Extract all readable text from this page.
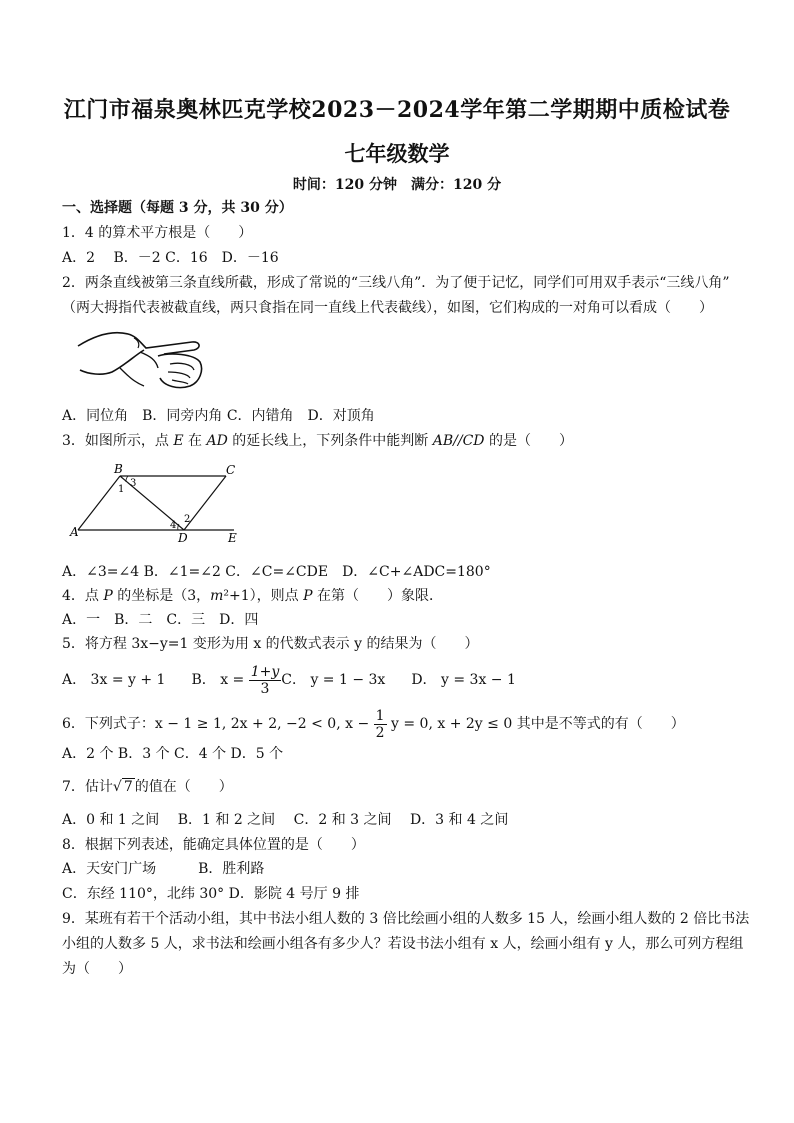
江门市福泉奥林匹克学校2023－2024学年第二学期期中质检试卷
七年级数学
时间：120 分钟　满分：120 分
一、选择题（每题 3 分，共 30 分）
1．4 的算术平方根是（　　）
A．2　 B．－2 C．16　D．－16
2．两条直线被第三条直线所截，形成了常说的“三线八角”．为了便于记忆，同学们可用双手表示“三线八角”
（两大拇指代表被截直线，两只食指在同一直线上代表截线），如图，它们构成的一对角可以看成（　　）
A．同位角　B．同旁内角 C．内错角　D．对顶角
3．如图所示，点 E 在 AD 的延长线上，下列条件中能判断 AB//CD 的是（　　）
B	C
A	D	E
1
3
2
4
A．∠3=∠4 B．∠1=∠2 C．∠C=∠CDE　D．∠C+∠ADC=180°
4．点 P 的坐标是（3，m²+1），则点 P 在第（　　）象限．
A．一　B．二　C．三　D．四
5．将方程 3x−y=1 变形为用 x 的代数式表示 y 的结果为（　　）
A． 3x = y + 1 B． $x = \frac{1+y}{3}$ C． y = 1 − 3x D． y = 3x − 1
6．下列式子：x − 1 ≥ 1, 2x + 2, −2 < 0, $x - \frac{1}{2}$ y = 0, x + 2y ≤ 0 其中是不等式的有（　　）
A．2 个 B．3 个 C．4 个 D．5 个
7．估计√ 7 的值在（　　）
A．0 和 1 之间　 B．1 和 2 之间　 C．2 和 3 之间　 D．3 和 4 之间
8．根据下列表述，能确定具体位置的是（　　）
A．天安门广场　　　B．胜利路
C．东经 110°，北纬 30° D．影院 4 号厅 9 排
9．某班有若干个活动小组，其中书法小组人数的 3 倍比绘画小组的人数多 15 人，绘画小组人数的 2 倍比书法
小组的人数多 5 人，求书法和绘画小组各有多少人？若设书法小组有 x 人，绘画小组有 y 人，那么可列方程组
为（　　）
